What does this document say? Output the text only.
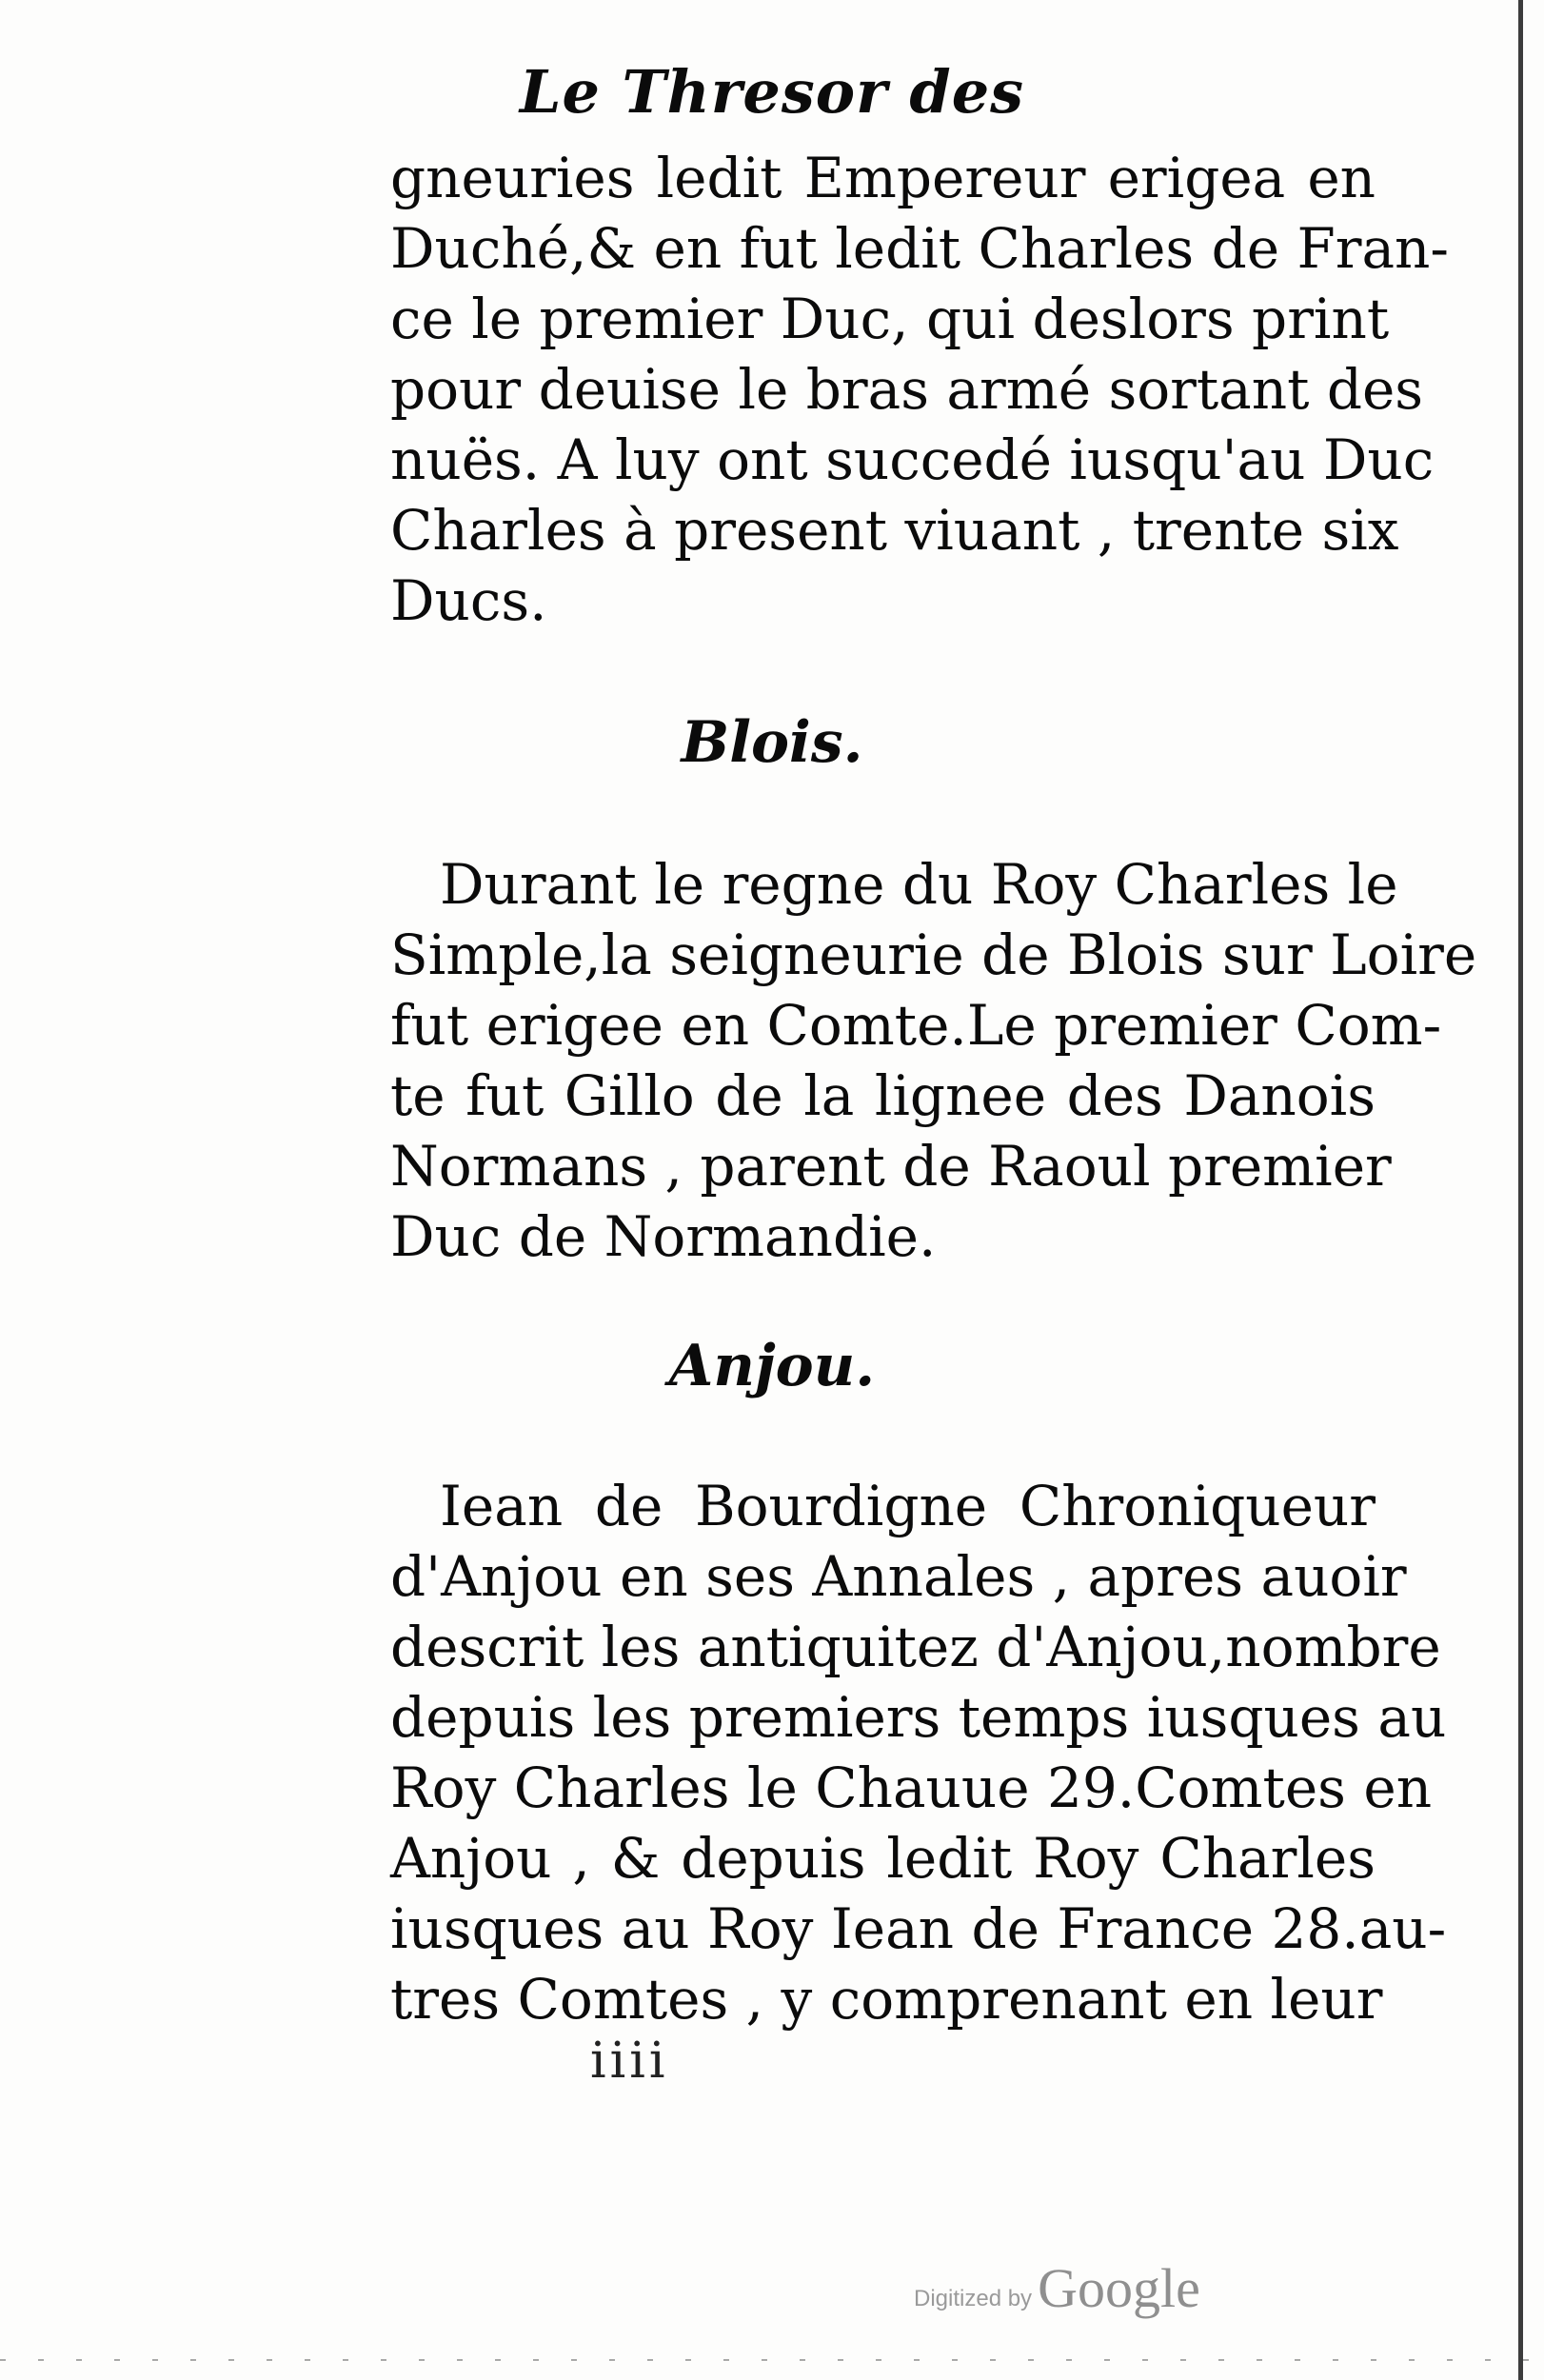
Le Thresor des
gneuries ledit Empereur erigea en
Duché,& en fut ledit Charles de Fran-
ce le premier Duc, qui deslors print
pour deuise le bras armé sortant des
nuës. A luy ont succedé iusqu'au Duc
Charles à present viuant , trente six
Ducs.
Blois.
Durant le regne du Roy Charles le
Simple,la seigneurie de Blois sur Loire
fut erigee en Comte.Le premier Com-
te fut Gillo de la lignee des Danois
Normans , parent de Raoul premier
Duc de Normandie.
Anjou.
Iean de Bourdigne Chroniqueur
d'Anjou en ses Annales , apres auoir
descrit les antiquitez d'Anjou,nombre
depuis les premiers temps iusques au
Roy Charles le Chauue 29.Comtes en
Anjou , & depuis ledit Roy Charles
iusques au Roy Iean de France 28.au-
tres Comtes , y comprenant en leur
iiii
Digitized by Google
